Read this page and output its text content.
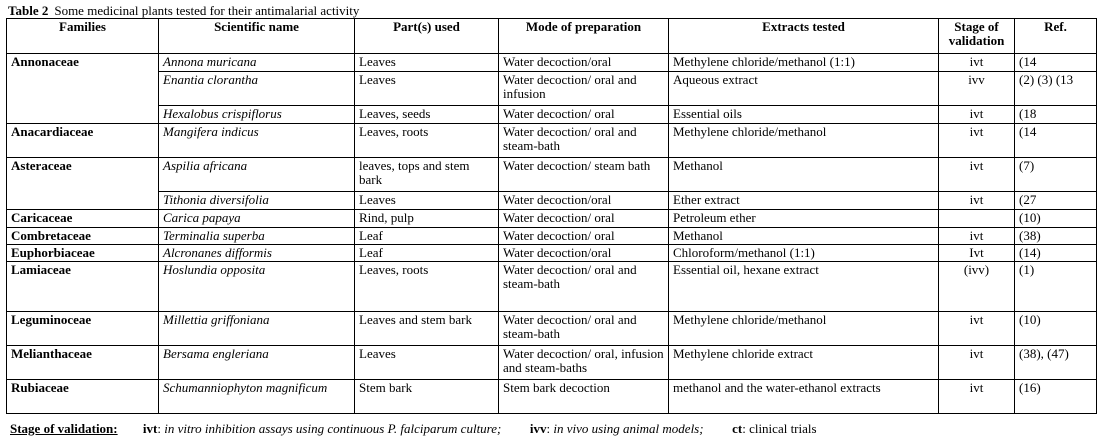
Table 2 Some medicinal plants tested for their antimalarial activity
Families	Scientific name	Part(s) used	Mode of preparation	Extracts tested	Stage of validation	Ref.
Annonaceae	Annona muricana	Leaves	Water decoction/oral	Methylene chloride/methanol (1:1)	ivt	(14
	Enantia clorantha	Leaves	Water decoction/ oral and infusion	Aqueous extract	ivv	(2) (3) (13
	Hexalobus crispiflorus	Leaves, seeds	Water decoction/ oral	Essential oils	ivt	(18
Anacardiaceae	Mangifera indicus	Leaves, roots	Water decoction/ oral and steam-bath	Methylene chloride/methanol	ivt	(14
Asteraceae	Aspilia africana	leaves, tops and stem bark	Water decoction/ steam bath	Methanol	ivt	(7)
	Tithonia diversifolia	Leaves	Water decoction/oral	Ether extract	ivt	(27
Caricaceae	Carica papaya	Rind, pulp	Water decoction/ oral	Petroleum ether		(10)
Combretaceae	Terminalia superba	Leaf	Water decoction/ oral	Methanol	ivt	(38)
Euphorbiaceae	Alcronanes difformis	Leaf	Water decoction/oral	Chloroform/methanol (1:1)	Ivt	(14)
Lamiaceae	Hoslundia opposita	Leaves, roots	Water decoction/ oral and steam-bath	Essential oil, hexane extract	(ivv)	(1)
Leguminoceae	Millettia griffoniana	Leaves and stem bark	Water decoction/ oral and steam-bath	Methylene chloride/methanol	ivt	(10)
Melianthaceae	Bersama engleriana	Leaves	Water decoction/ oral, infusion and steam-baths	Methylene chloride extract	ivt	(38), (47)
Rubiaceae	Schumanniophyton magnificum	Stem bark	Stem bark decoction	methanol and the water-ethanol extracts	ivt	(16)
Stage of validation: ivt: in vitro inhibition assays using continuous P. falciparum culture; ivv: in vivo using animal models; ct: clinical trials
